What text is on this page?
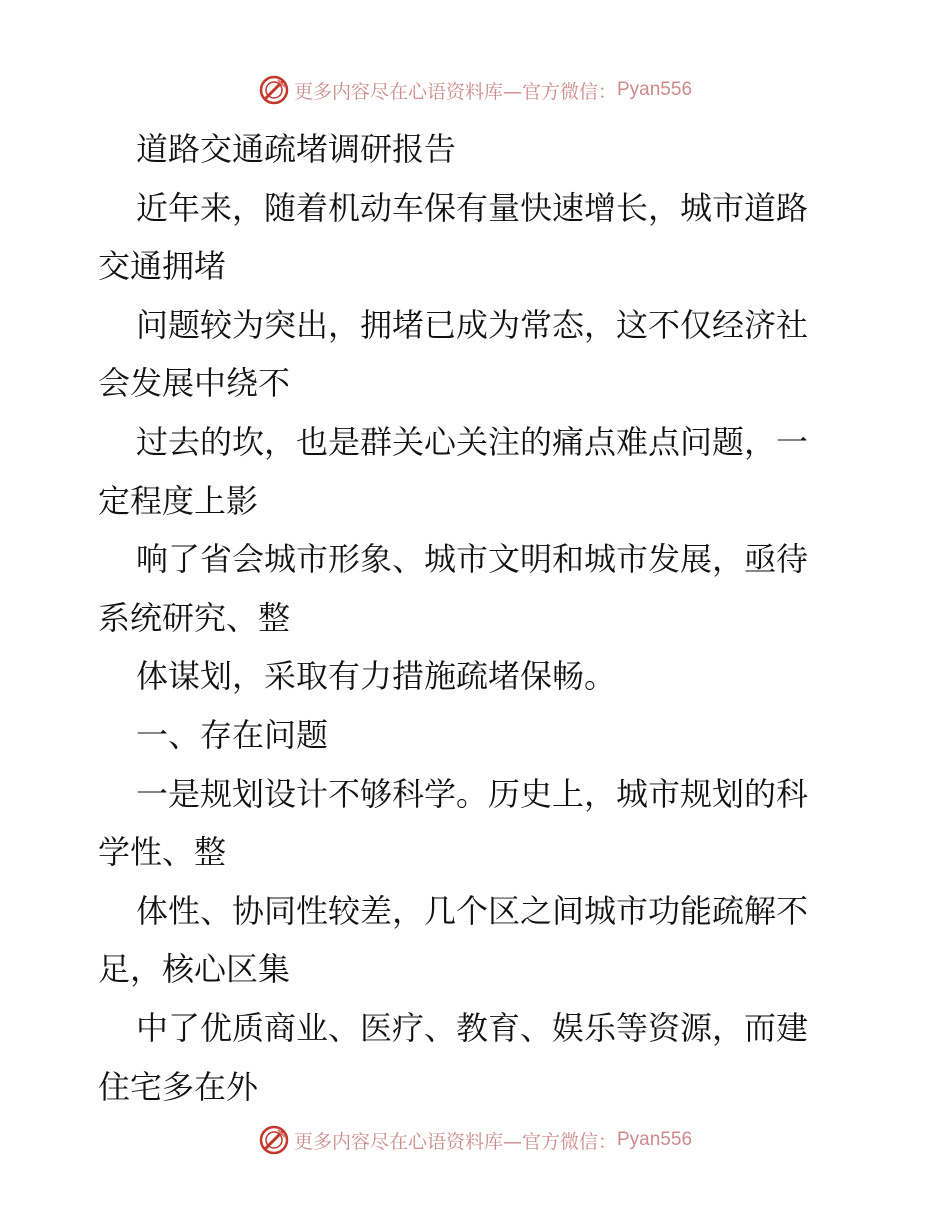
更多内容尽在心语资料库—官方微信： Pyan556
道路交通疏堵调研报告
近年来，随着机动车保有量快速增长，城市道路
交通拥堵
问题较为突出，拥堵已成为常态，这不仅经济社
会发展中绕不
过去的坎，也是群关心关注的痛点难点问题，一
定程度上影
响了省会城市形象、城市文明和城市发展，亟待
系统研究、整
体谋划，采取有力措施疏堵保畅。
一、存在问题
一是规划设计不够科学。历史上，城市规划的科
学性、整
体性、协同性较差，几个区之间城市功能疏解不
足，核心区集
中了优质商业、医疗、教育、娱乐等资源，而建
住宅多在外
更多内容尽在心语资料库—官方微信： Pyan556
